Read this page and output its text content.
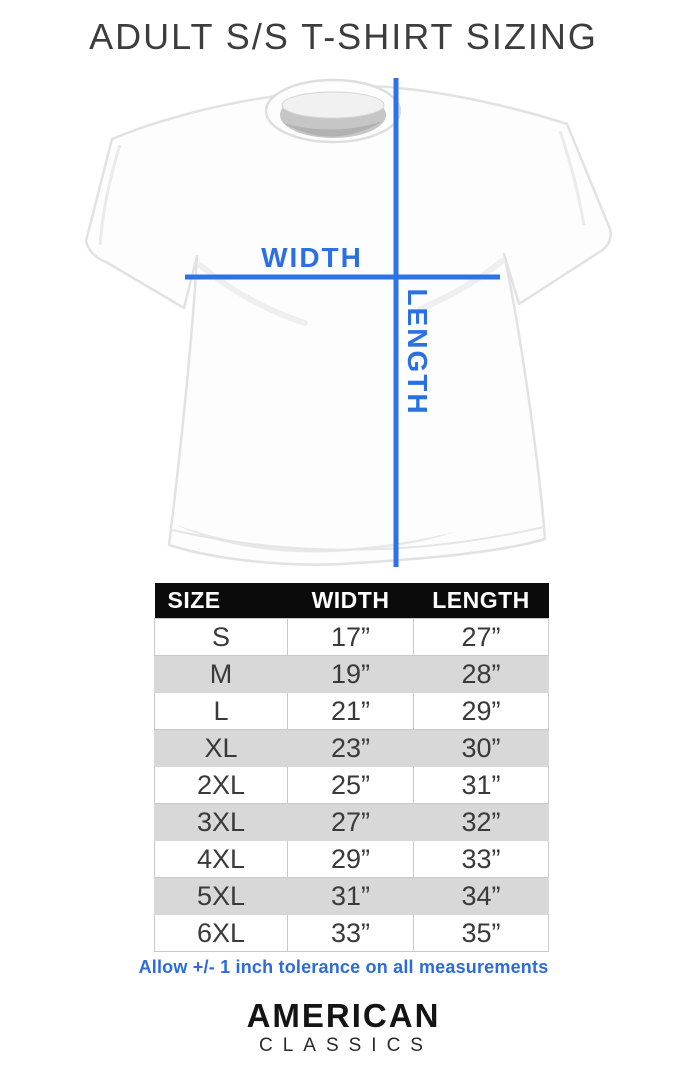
ADULT S/S T-SHIRT SIZING
WIDTH
LENGTH
SIZE	WIDTH	LENGTH
S	17”	27”
M	19”	28”
L	21”	29”
XL	23”	30”
2XL	25”	31”
3XL	27”	32”
4XL	29”	33”
5XL	31”	34”
6XL	33”	35”

Allow +/- 1 inch tolerance on all measurements

AMERICAN
CLASSICS
